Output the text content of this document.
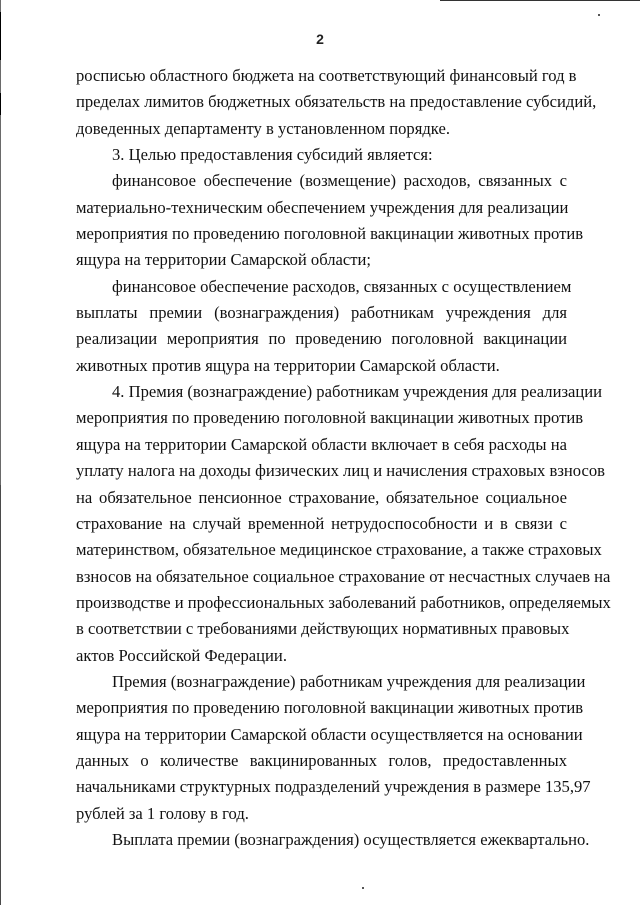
2
росписью областного бюджета на соответствующий финансовый год в
пределах лимитов бюджетных обязательств на предоставление субсидий,
доведенных департаменту в установленном порядке.
3. Целью предоставления субсидий является:
финансовое обеспечение (возмещение) расходов, связанных с
материально-техническим обеспечением учреждения для реализации
мероприятия по проведению поголовной вакцинации животных против
ящура на территории Самарской области;
финансовое обеспечение расходов, связанных с осуществлением
выплаты премии (вознаграждения) работникам учреждения для
реализации мероприятия по проведению поголовной вакцинации
животных против ящура на территории Самарской области.
4. Премия (вознаграждение) работникам учреждения для реализации
мероприятия по проведению поголовной вакцинации животных против
ящура на территории Самарской области включает в себя расходы на
уплату налога на доходы физических лиц и начисления страховых взносов
на обязательное пенсионное страхование, обязательное социальное
страхование на случай временной нетрудоспособности и в связи с
материнством, обязательное медицинское страхование, а также страховых
взносов на обязательное социальное страхование от несчастных случаев на
производстве и профессиональных заболеваний работников, определяемых
в соответствии с требованиями действующих нормативных правовых
актов Российской Федерации.
Премия (вознаграждение) работникам учреждения для реализации
мероприятия по проведению поголовной вакцинации животных против
ящура на территории Самарской области осуществляется на основании
данных о количестве вакцинированных голов, предоставленных
начальниками структурных подразделений учреждения в размере 135,97
рублей за 1 голову в год.
Выплата премии (вознаграждения) осуществляется ежеквартально.
